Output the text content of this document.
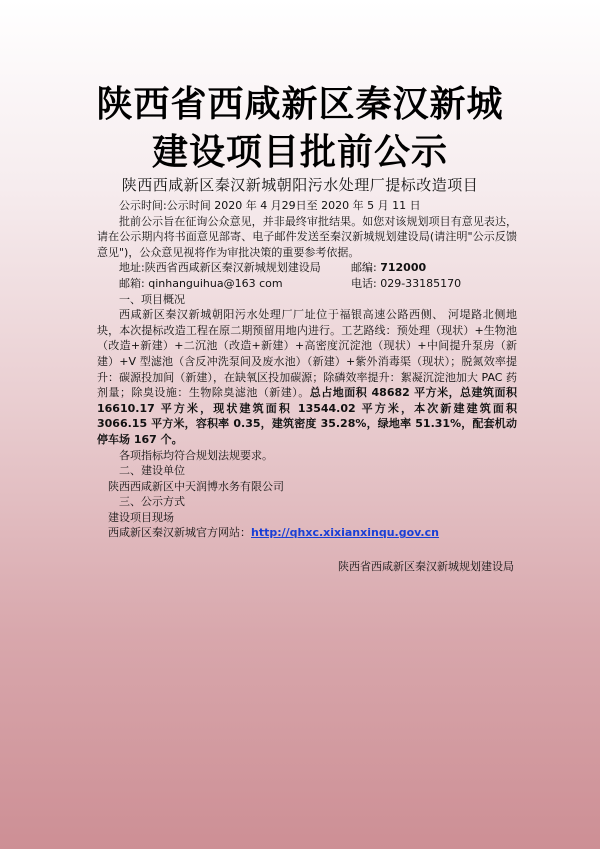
陕西省西咸新区秦汉新城
建设项目批前公示
陕西西咸新区秦汉新城朝阳污水处理厂提标改造项目

公示时间:公示时间 2020 年 4 月29日至 2020 年 5 月 11 日

批前公示旨在征询公众意见，并非最终审批结果。如您对该规划项目有意见表达，请在公示期内将书面意见部寄、电子邮件发送至秦汉新城规划建设局(请注明"公示反馈意见")，公众意见视将作为审批决策的重要参考依据。

地址:陕西省西咸新区秦汉新城规划建设局	邮编: 712000
邮箱: qinhanguihua@163 com	电话: 029-33185170

一、项目概况

西咸新区秦汉新城朝阳污水处理厂厂址位于福银高速公路西侧、 河堤路北侧地块，本次提标改造工程在原二期预留用地内进行。工艺路线：预处理（现状）+生物池（改造+新建）+二沉池（改造+新建）+高密度沉淀池（现状）+中间提升泵房（新建）+V 型滤池（含反冲洗泵间及废水池）（新建）+紫外消毒渠（现状）；脱氮效率提升：碳源投加间（新建），在缺氧区投加碳源；除磷效率提升：絮凝沉淀池加大 PAC 药剂量；除臭设施：生物除臭滤池（新建）。总占地面积 48682 平方米，总建筑面积 16610.17 平方米，现状建筑面积 13544.02 平方米，本次新建建筑面积 3066.15 平方米，容积率 0.35，建筑密度 35.28%，绿地率 51.31%，配套机动停车场 167 个。

各项指标均符合规划法规要求。

二、建设单位

陕西西咸新区中天润博水务有限公司

三、公示方式

建设项目现场

西咸新区秦汉新城官方网站：http://qhxc.xixianxinqu.gov.cn

陕西省西咸新区秦汉新城规划建设局
